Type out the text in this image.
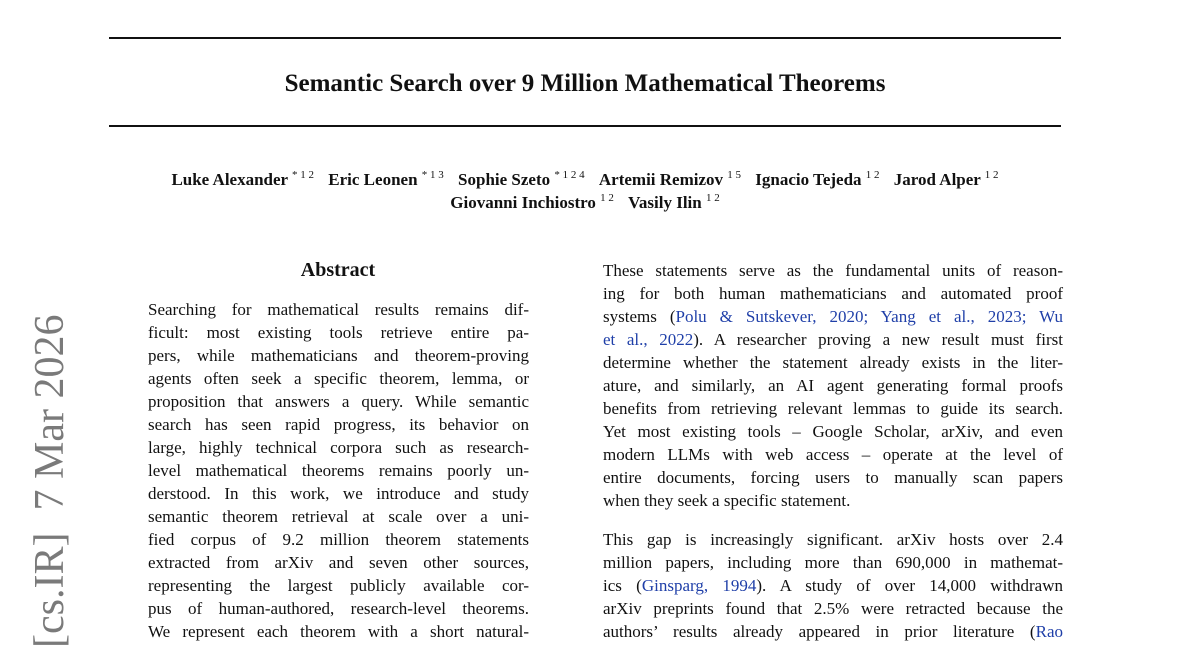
Semantic Search over 9 Million Mathematical Theorems
Luke Alexander $^{* 1 2}$ Eric Leonen $^{* 1 3}$ Sophie Szeto $^{* 1 2 4}$ Artemii Remizov $^{1 5}$ Ignacio Tejeda $^{1 2}$ Jarod Alper $^{1 2}$
Giovanni Inchiostro $^{1 2}$ Vasily Ilin $^{1 2}$
Abstract
Searching for mathematical results remains dif-
ficult: most existing tools retrieve entire pa-
pers, while mathematicians and theorem-proving
agents often seek a specific theorem, lemma, or
proposition that answers a query. While semantic
search has seen rapid progress, its behavior on
large, highly technical corpora such as research-
level mathematical theorems remains poorly un-
derstood. In this work, we introduce and study
semantic theorem retrieval at scale over a uni-
fied corpus of 9.2 million theorem statements
extracted from arXiv and seven other sources,
representing the largest publicly available cor-
pus of human-authored, research-level theorems.
We represent each theorem with a short natural-
These statements serve as the fundamental units of reason-
ing for both human mathematicians and automated proof
systems (Polu & Sutskever, 2020; Yang et al., 2023; Wu
et al., 2022). A researcher proving a new result must first
determine whether the statement already exists in the liter-
ature, and similarly, an AI agent generating formal proofs
benefits from retrieving relevant lemmas to guide its search.
Yet most existing tools – Google Scholar, arXiv, and even
modern LLMs with web access – operate at the level of
entire documents, forcing users to manually scan papers
when they seek a specific statement.
This gap is increasingly significant. arXiv hosts over 2.4
million papers, including more than 690,000 in mathemat-
ics (Ginsparg, 1994). A study of over 14,000 withdrawn
arXiv preprints found that 2.5% were retracted because the
authors’ results already appeared in prior literature (Rao
[cs.IR]7 Mar 2026
